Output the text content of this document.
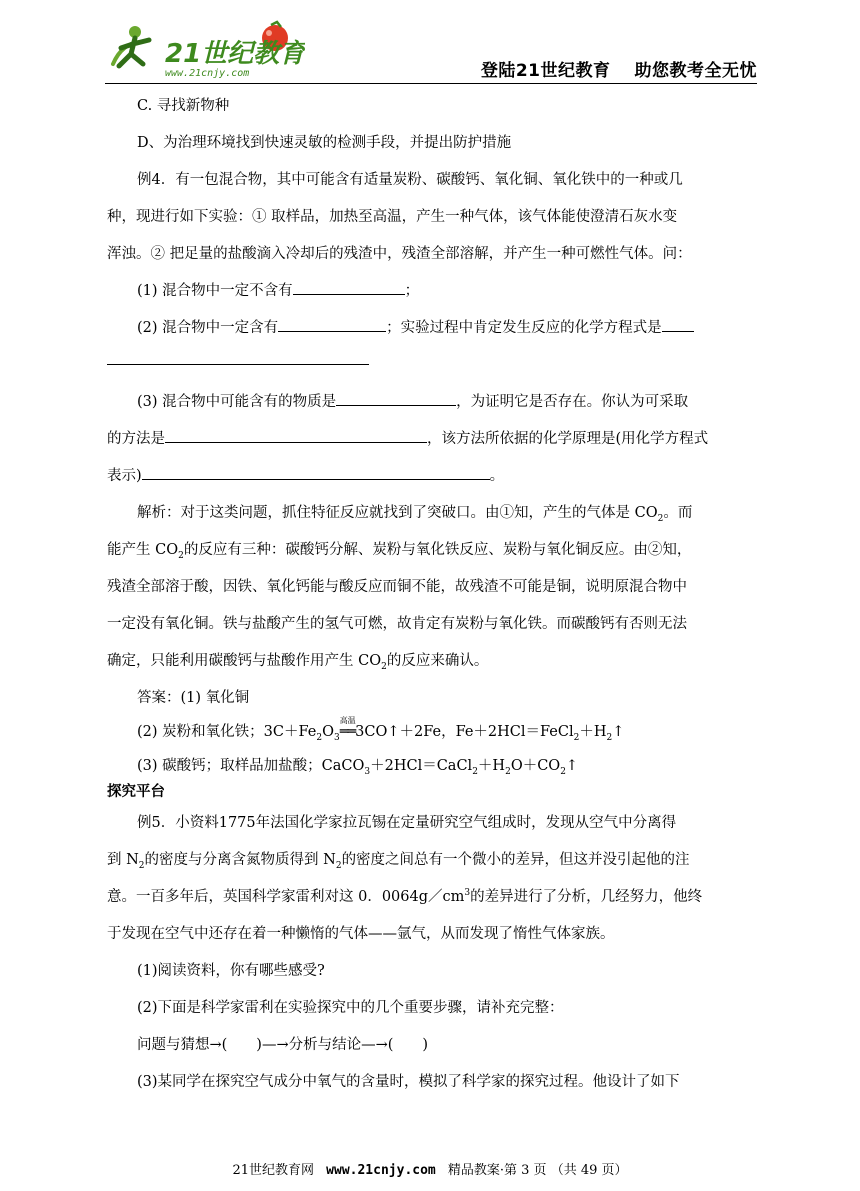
21世纪教育
www.21cnjy.com	登陆21世纪教育 助您教考全无忧
C. 寻找新物种
D、为治理环境找到快速灵敏的检测手段，并提出防护措施
例4．有一包混合物，其中可能含有适量炭粉、碳酸钙、氧化铜、氧化铁中的一种或几
种，现进行如下实验：① 取样品，加热至高温，产生一种气体，该气体能使澄清石灰水变
浑浊。② 把足量的盐酸滴入冷却后的残渣中，残渣全部溶解，并产生一种可燃性气体。问：
(1) 混合物中一定不含有	；
(2) 混合物中一定含有	；实验过程中肯定发生反应的化学方程式是
(3) 混合物中可能含有的物质是	，为证明它是否存在。你认为可采取
的方法是	，该方法所依据的化学原理是(用化学方程式
表示)	。
解析：对于这类问题，抓住特征反应就找到了突破口。由①知，产生的气体是 $CO_2$。而
能产生 $CO_2$的反应有三种：碳酸钙分解、炭粉与氧化铁反应、炭粉与氧化铜反应。由②知，
残渣全部溶于酸，因铁、氧化钙能与酸反应而铜不能，故残渣不可能是铜，说明原混合物中
一定没有氧化铜。铁与盐酸产生的氢气可燃，故肯定有炭粉与氧化铁。而碳酸钙有否则无法
确定，只能利用碳酸钙与盐酸作用产生 $CO_2$的反应来确认。
答案：(1) 氧化铜
(2) 炭粉和氧化铁；$3C+Fe_2O_3$
高温
══3CO↑＋2Fe，$Fe+2HCl=FeCl_2+H_2↑$
(3) 碳酸钙；取样品加盐酸；$CaCO_3+2HCl=CaCl_2+H_2O+CO_2↑$
探究平台
例5．小资料1775年法国化学家拉瓦锡在定量研究空气组成时，发现从空气中分离得
到 $N_2$的密度与分离含氮物质得到 $N_2$的密度之间总有一个微小的差异，但这并没引起他的注
意。一百多年后，英国科学家雷利对这 0．$0064g/cm^3$的差异进行了分析，几经努力，他终
于发现在空气中还存在着一种懒惰的气体——氩气，从而发现了惰性气体家族。
(1)阅读资料，你有哪些感受?
(2)下面是科学家雷利在实验探究中的几个重要步骤，请补充完整：
问题与猜想→(　　)—→分析与结论—→(　　)
(3)某同学在探究空气成分中氧气的含量时，模拟了科学家的探究过程。他设计了如下
21世纪教育网 www.21cnjy.com 精品教案·第 3 页 （共 49 页）
